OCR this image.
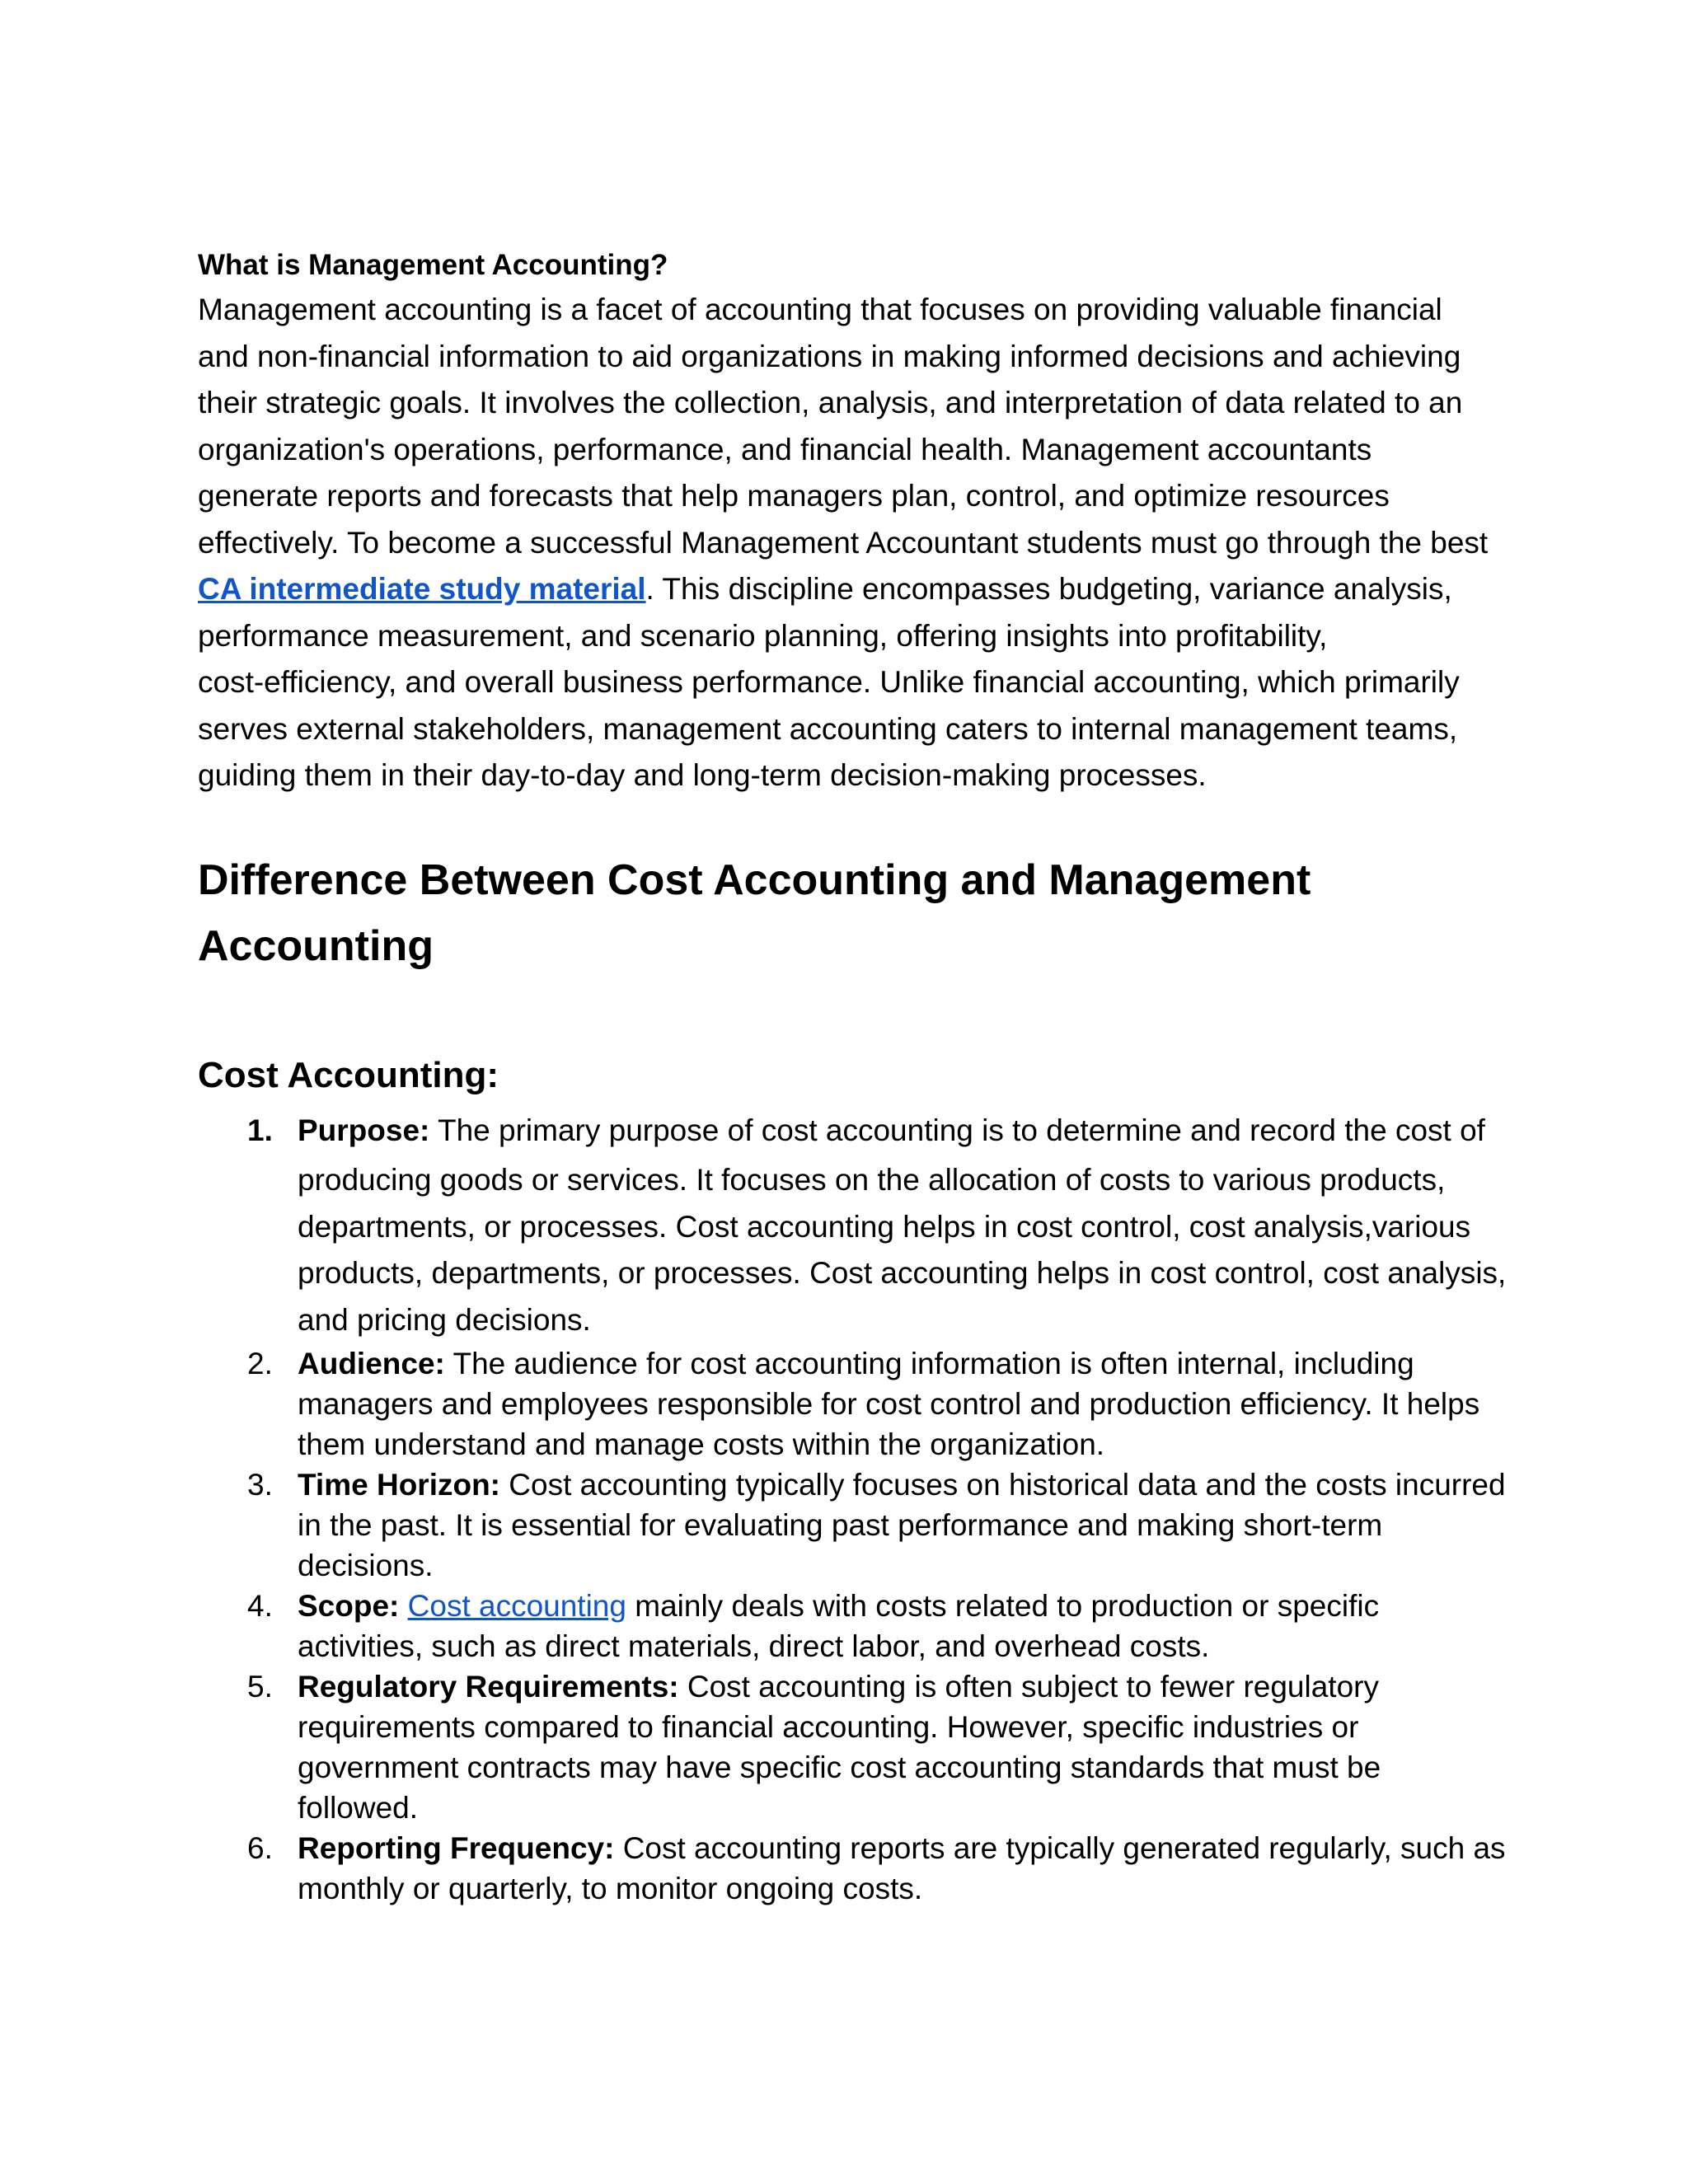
What is Management Accounting?
Management accounting is a facet of accounting that focuses on providing valuable financial
and non-financial information to aid organizations in making informed decisions and achieving
their strategic goals. It involves the collection, analysis, and interpretation of data related to an
organization's operations, performance, and financial health. Management accountants
generate reports and forecasts that help managers plan, control, and optimize resources
effectively. To become a successful Management Accountant students must go through the best
CA intermediate study material. This discipline encompasses budgeting, variance analysis,
performance measurement, and scenario planning, offering insights into profitability,
cost-efficiency, and overall business performance. Unlike financial accounting, which primarily
serves external stakeholders, management accounting caters to internal management teams,
guiding them in their day-to-day and long-term decision-making processes.
Difference Between Cost Accounting and Management
Accounting
Cost Accounting:
1. Purpose: The primary purpose of cost accounting is to determine and record the cost of
producing goods or services. It focuses on the allocation of costs to various products,
departments, or processes. Cost accounting helps in cost control, cost analysis,various
products, departments, or processes. Cost accounting helps in cost control, cost analysis,
and pricing decisions.
2. Audience: The audience for cost accounting information is often internal, including
managers and employees responsible for cost control and production efficiency. It helps
them understand and manage costs within the organization.
3. Time Horizon: Cost accounting typically focuses on historical data and the costs incurred
in the past. It is essential for evaluating past performance and making short-term
decisions.
4. Scope: Cost accounting mainly deals with costs related to production or specific
activities, such as direct materials, direct labor, and overhead costs.
5. Regulatory Requirements: Cost accounting is often subject to fewer regulatory
requirements compared to financial accounting. However, specific industries or
government contracts may have specific cost accounting standards that must be
followed.
6. Reporting Frequency: Cost accounting reports are typically generated regularly, such as
monthly or quarterly, to monitor ongoing costs.
